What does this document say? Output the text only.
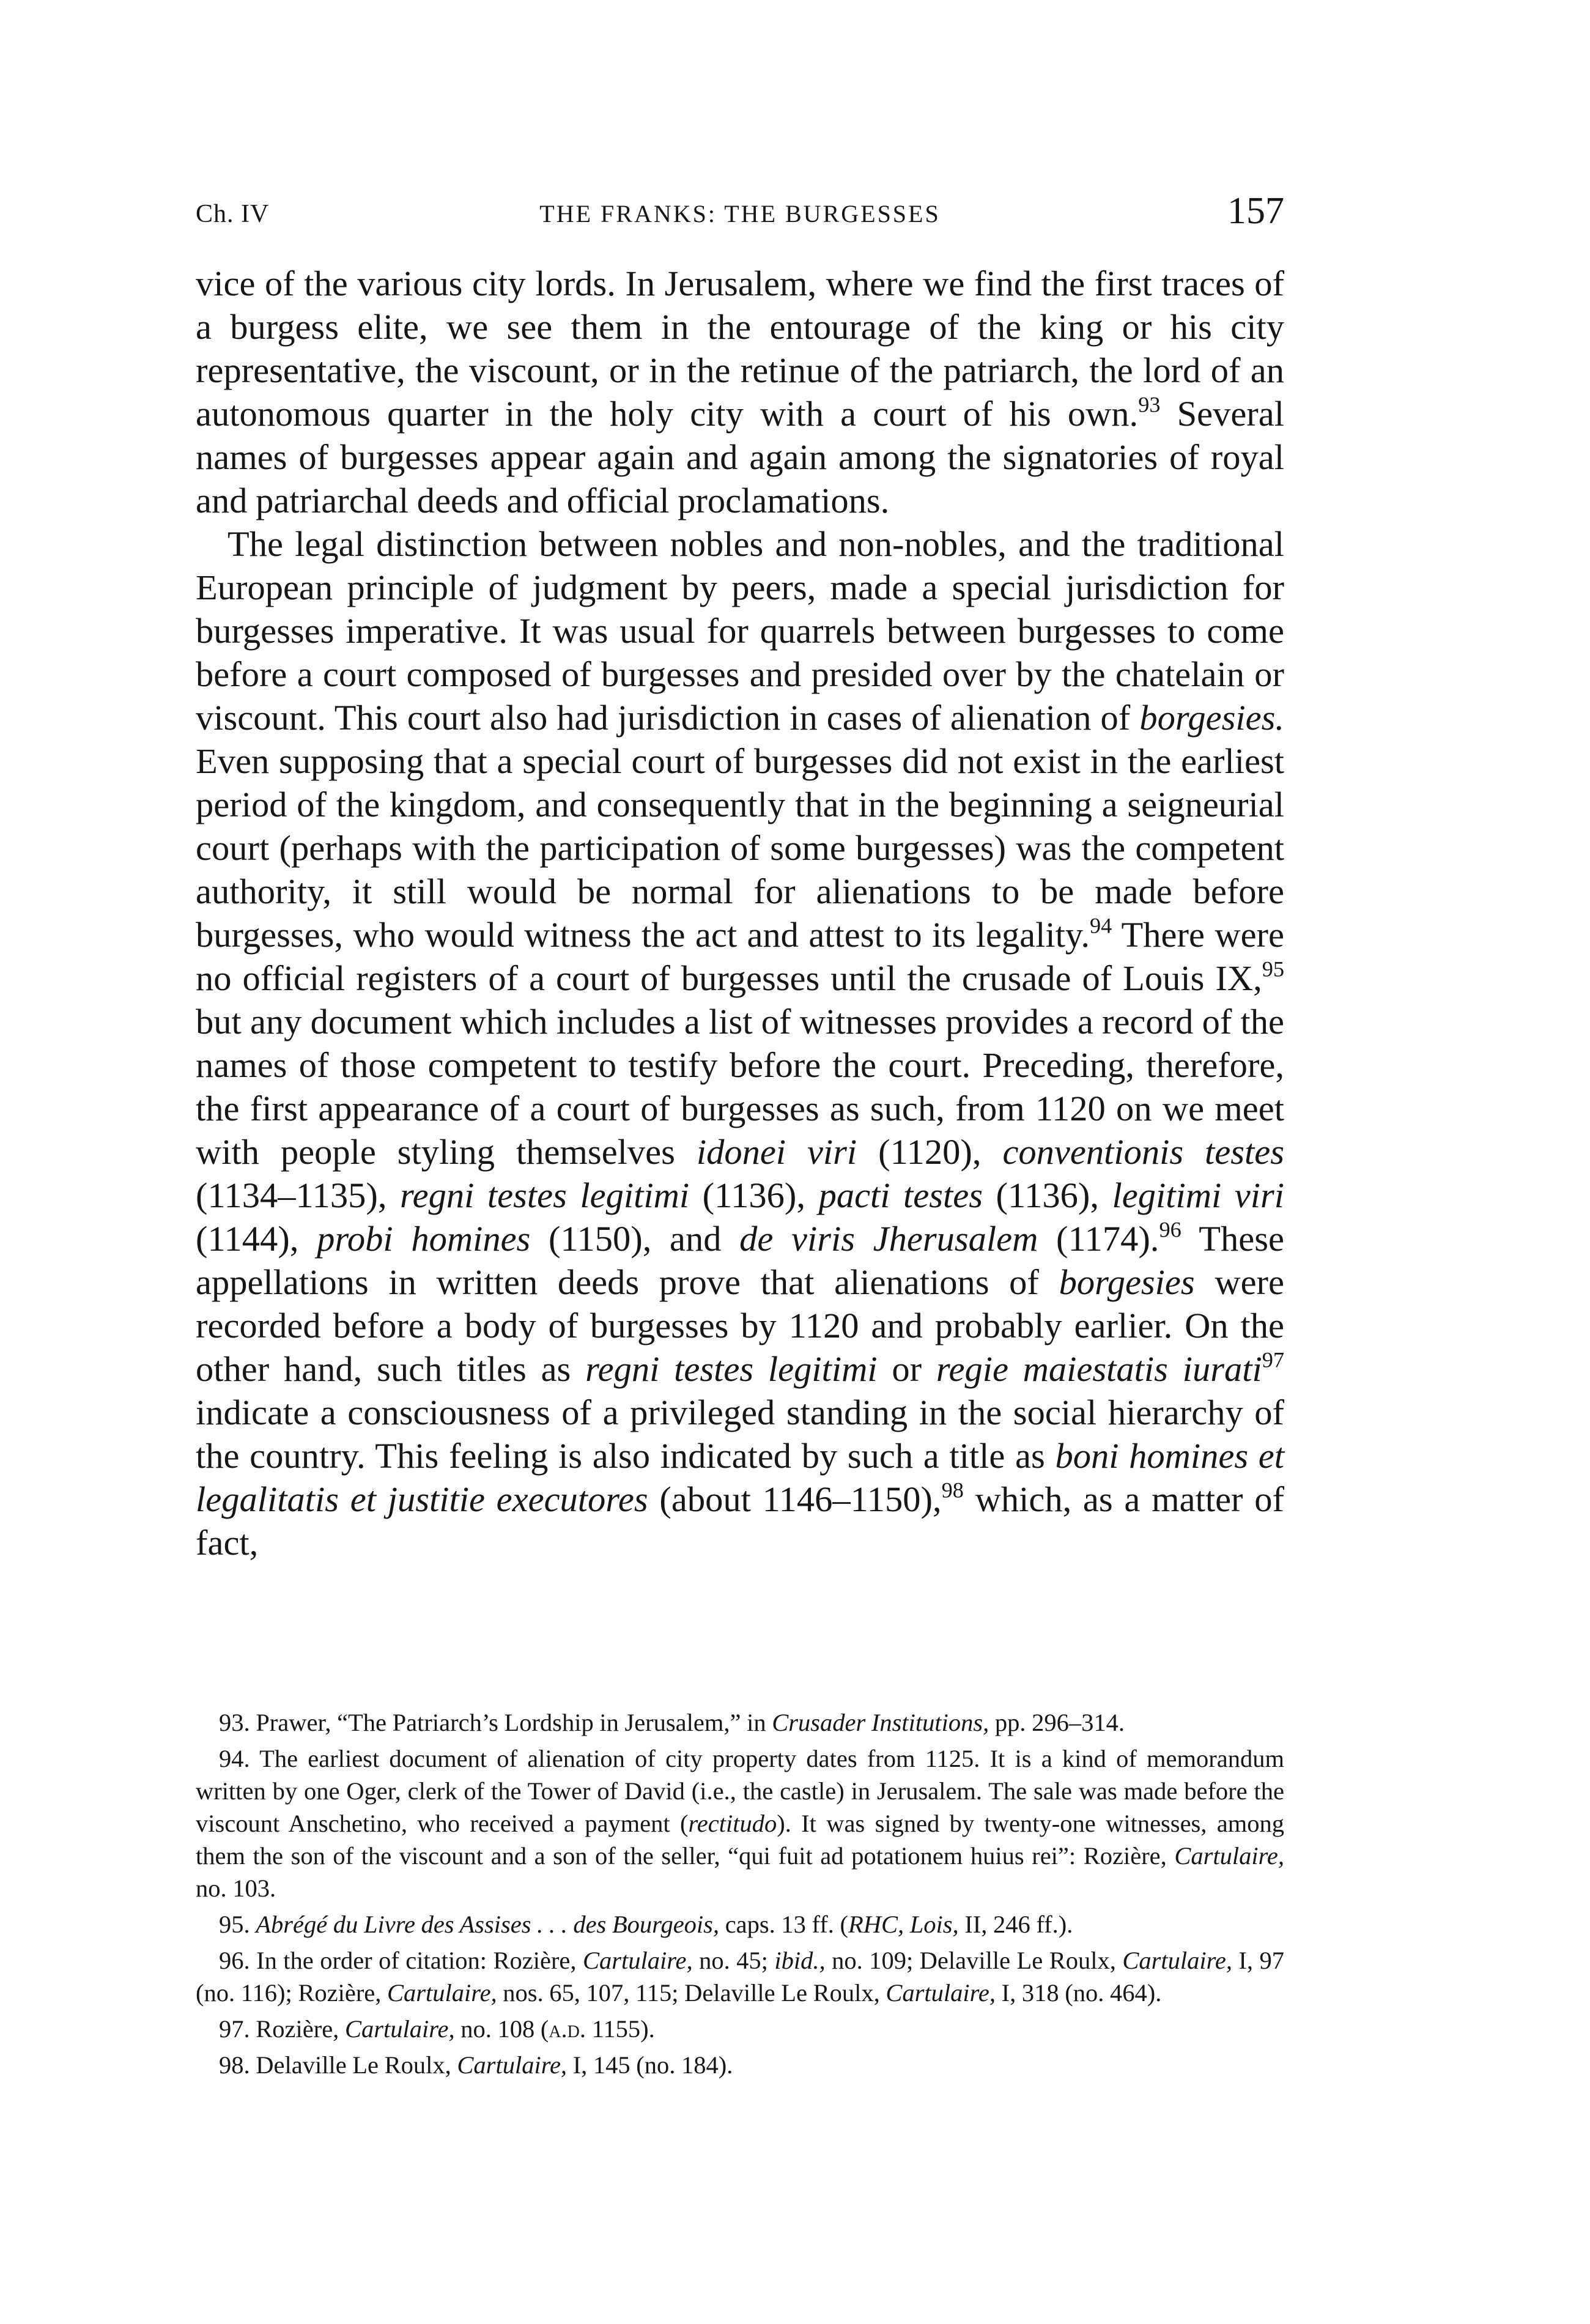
Ch. IV	THE FRANKS: THE BURGESSES	157

vice of the various city lords. In Jerusalem, where we find the first traces of a burgess elite, we see them in the entourage of the king or his city representative, the viscount, or in the retinue of the patriarch, the lord of an autonomous quarter in the holy city with a court of his own.$^{93}$ Several names of burgesses appear again and again among the signatories of royal and patriarchal deeds and official proclamations.

The legal distinction between nobles and non-nobles, and the traditional European principle of judgment by peers, made a special jurisdiction for burgesses imperative. It was usual for quarrels between burgesses to come before a court composed of burgesses and presided over by the chatelain or viscount. This court also had jurisdiction in cases of alienation of borgesies. Even supposing that a special court of burgesses did not exist in the earliest period of the kingdom, and consequently that in the beginning a seigneurial court (perhaps with the participation of some burgesses) was the competent authority, it still would be normal for alienations to be made before burgesses, who would witness the act and attest to its legality.$^{94}$ There were no official registers of a court of burgesses until the crusade of Louis IX,$^{95}$ but any document which includes a list of witnesses provides a record of the names of those competent to testify before the court. Preceding, therefore, the first appearance of a court of burgesses as such, from 1120 on we meet with people styling themselves idonei viri (1120), conventionis testes (1134–1135), regni testes legitimi (1136), pacti testes (1136), legitimi viri (1144), probi homines (1150), and de viris Jherusalem (1174).$^{96}$ These appellations in written deeds prove that alienations of borgesies were recorded before a body of burgesses by 1120 and probably earlier. On the other hand, such titles as regni testes legitimi or regie maiestatis iurati$^{97}$ indicate a consciousness of a privileged standing in the social hierarchy of the country. This feeling is also indicated by such a title as boni homines et legalitatis et justitie executores (about 1146–1150),$^{98}$ which, as a matter of fact,

93. Prawer, “The Patriarch’s Lordship in Jerusalem,” in Crusader Institutions, pp. 296–314.

94. The earliest document of alienation of city property dates from 1125. It is a kind of memorandum written by one Oger, clerk of the Tower of David (i.e., the castle) in Jerusalem. The sale was made before the viscount Anschetino, who received a payment (rectitudo). It was signed by twenty-one witnesses, among them the son of the viscount and a son of the seller, “qui fuit ad potationem huius rei”: Rozière, Cartulaire, no. 103.

95. Abrégé du Livre des Assises . . . des Bourgeois, caps. 13 ff. (RHC, Lois, II, 246 ff.).

96. In the order of citation: Rozière, Cartulaire, no. 45; ibid., no. 109; Delaville Le Roulx, Cartulaire, I, 97 (no. 116); Rozière, Cartulaire, nos. 65, 107, 115; Delaville Le Roulx, Cartulaire, I, 318 (no. 464).

97. Rozière, Cartulaire, no. 108 (a.d. 1155).

98. Delaville Le Roulx, Cartulaire, I, 145 (no. 184).
